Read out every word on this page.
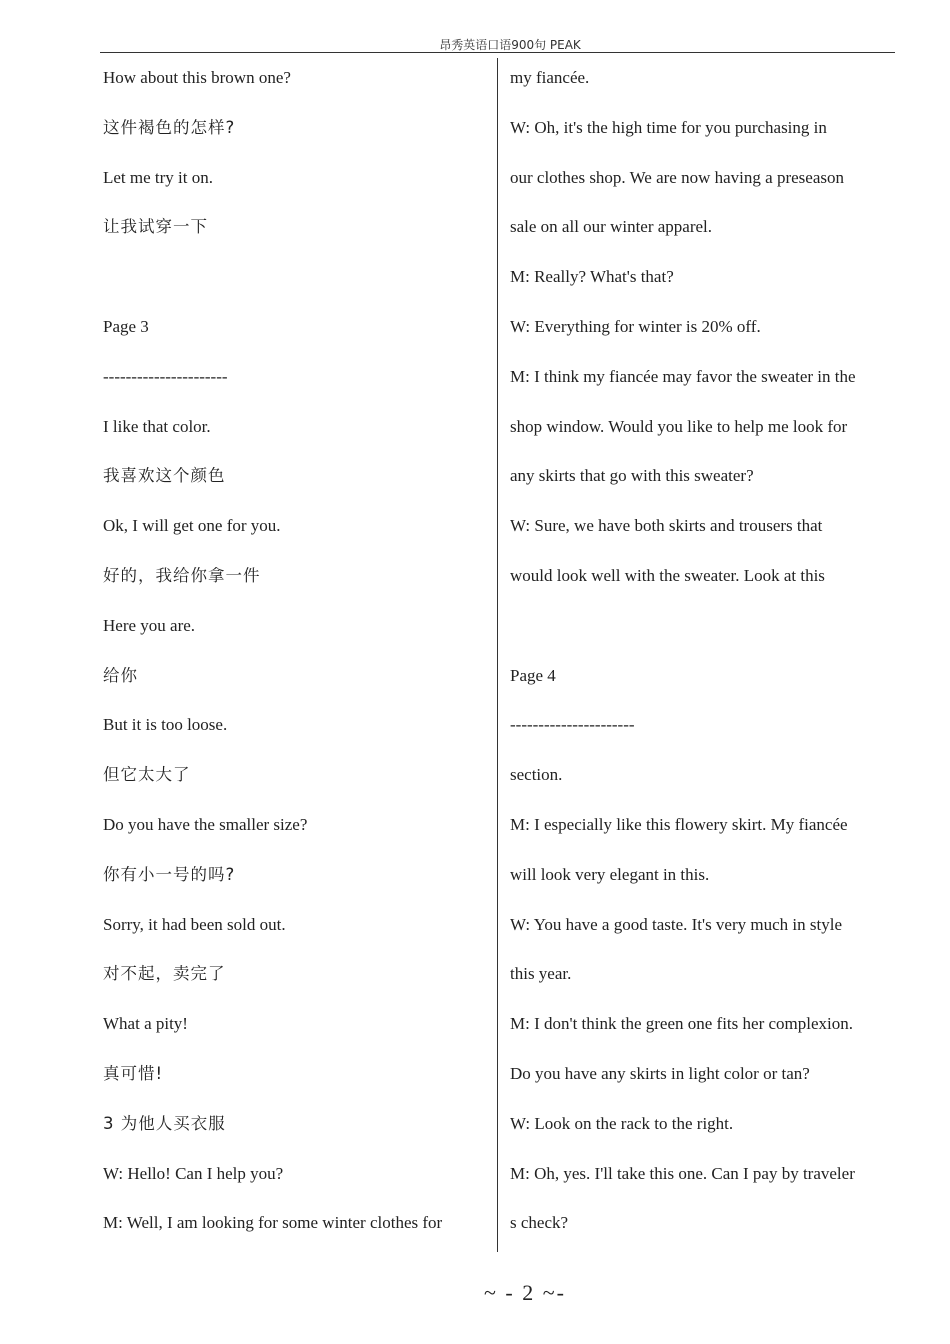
昂秀英语口语900句 PEAK
How about this brown one?
这件褐色的怎样?
Let me try it on.
让我试穿一下
Page 3
----------------------
I like that color.
我喜欢这个颜色
Ok, I will get one for you.
好的，我给你拿一件
Here you are.
给你
But it is too loose.
但它太大了
Do you have the smaller size?
你有小一号的吗?
Sorry, it had been sold out.
对不起，卖完了
What a pity!
真可惜!
3 为他人买衣服
W: Hello! Can I help you?
M: Well, I am looking for some winter clothes for
my fiancée.
W: Oh, it's the high time for you purchasing in
our clothes shop. We are now having a preseason
sale on all our winter apparel.
M: Really? What's that?
W: Everything for winter is 20% off.
M: I think my fiancée may favor the sweater in the
shop window. Would you like to help me look for
any skirts that go with this sweater?
W: Sure, we have both skirts and trousers that
would look well with the sweater. Look at this
Page 4
----------------------
section.
M: I especially like this flowery skirt. My fiancée
will look very elegant in this.
W: You have a good taste. It's very much in style
this year.
M: I don't think the green one fits her complexion.
Do you have any skirts in light color or tan?
W: Look on the rack to the right.
M: Oh, yes. I'll take this one. Can I pay by traveler
s check?
~ - 2 ~-
